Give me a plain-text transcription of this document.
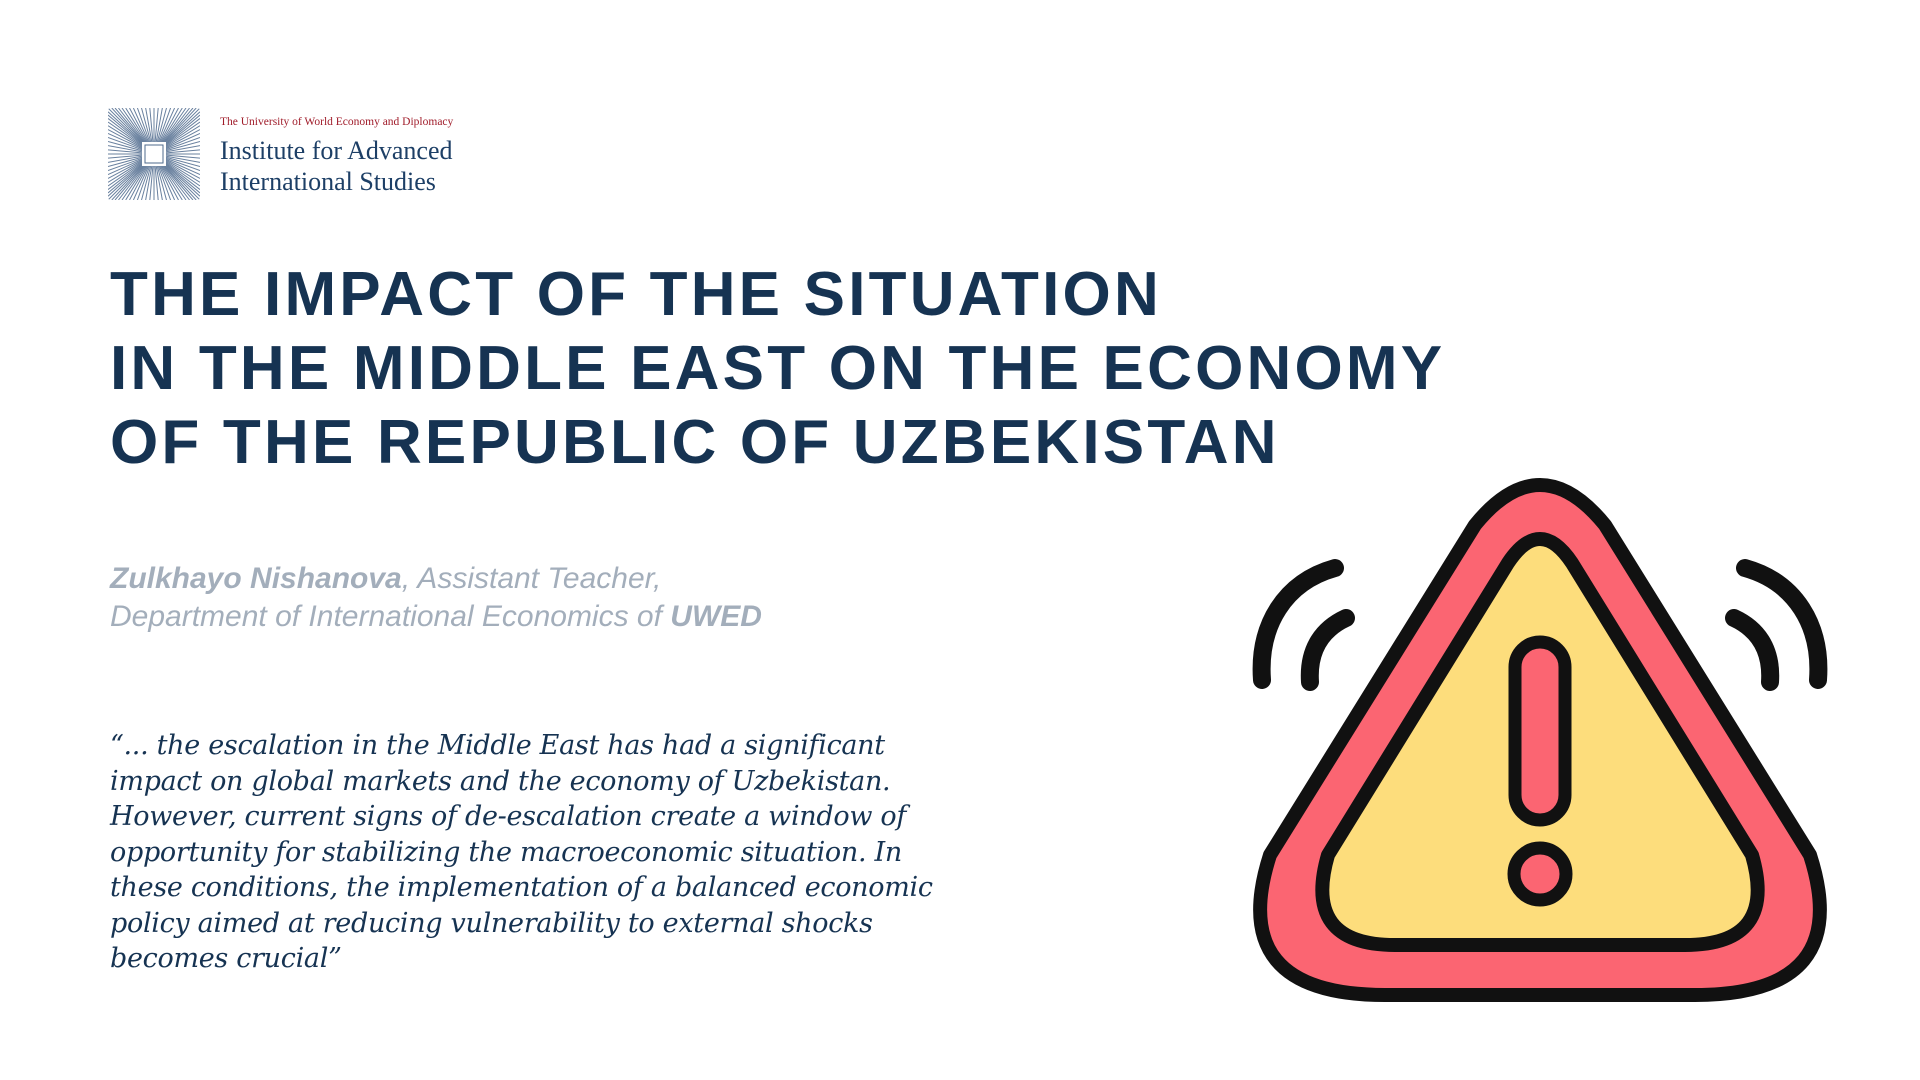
The University of World Economy and Diplomacy
Institute for Advanced
International Studies
THE IMPACT OF THE SITUATION
IN THE MIDDLE EAST ON THE ECONOMY
OF THE REPUBLIC OF UZBEKISTAN
Zulkhayo Nishanova, Assistant Teacher,
Department of International Economics of UWED

“... the escalation in the Middle East has had a significant
impact on global markets and the economy of Uzbekistan.
However, current signs of de-escalation create a window of
opportunity for stabilizing the macroeconomic situation. In
these conditions, the implementation of a balanced economic
policy aimed at reducing vulnerability to external shocks
becomes crucial”
